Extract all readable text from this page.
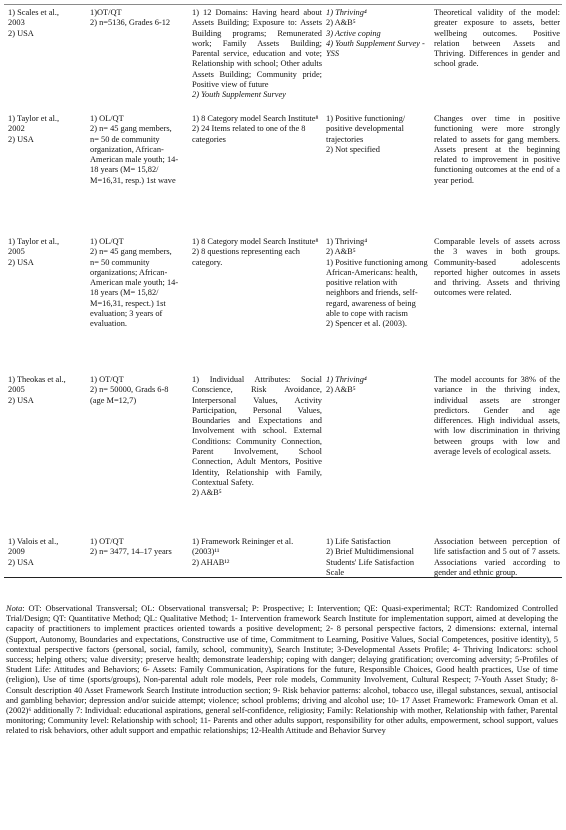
1) Scales et al., 2003
2) USA
1)OT/QT
2) n=5136, Grades 6-12
1) 12 Domains: Having heard about Assets Building; Exposure to: Assets Building programs; Remunerated work; Family Assets Building; Parental service, education and vote; Relationship with school; Other adults Assets Building; Community pride; Positive view of future
2) Youth Supplement Survey
1) Thriving⁴
2) A&B⁵
3) Active coping
4) Youth Supplement Survey -YSS
Theoretical validity of the model: greater exposure to assets, better wellbeing outcomes. Positive relation between Assets and Thriving. Differences in gender and school grade.
1) Taylor et al., 2002
2) USA
1) OL/QT
2) n= 45 gang members, n= 50 de community organization, African-American male youth; 14-18 years (M= 15,82/ M=16,31, resp.) 1st wave
1) 8 Category model Search Institute⁸
2) 24 Items related to one of the 8 categories
1) Positive functioning/ positive developmental trajectories
2) Not specified
Changes over time in positive functioning were more strongly related to assets for gang members. Assets present at the beginning related to improvement in positive functioning outcomes at the end of a year period.
1) Taylor et al., 2005
2) USA
1) OL/QT
2) n= 45 gang members, n= 50 community organizations; African-American male youth; 14-18 years (M= 15,82/ M=16,31, respect.) 1st evaluation; 3 years of evaluation.
1) 8 Category model Search Institute⁸
2) 8 questions representing each category.
1) Thriving⁴
2) A&B⁵
1) Positive functioning among African-Americans: health, positive relation with neighbors and friends, self-regard, awareness of being able to cope with racism
2) Spencer et al. (2003).
Comparable levels of assets across the 3 waves in both groups. Community-based adolescents reported higher outcomes in assets and thriving. Assets and thriving outcomes were related.
1) Theokas et al., 2005
2) USA
1) OT/QT
2) n= 50000, Grads 6-8 (age M=12,7)
1) Individual Attributes: Social Conscience, Risk Avoidance, Interpersonal Values, Activity Participation, Personal Values, Boundaries and Expectations and Involvement with school. External Conditions: Community Connection, Parent Involvement, School Connection, Adult Mentors, Positive Identity, Relationship with Family, Contextual Safety.
2) A&B⁵
1) Thriving⁴
2) A&B⁵
The model accounts for 38% of the variance in the thriving index, individual assets are stronger predictors. Gender and age differences. High individual assets, with low discrimination in thriving between groups with low and average levels of ecological assets.
1) Valois et al., 2009
2) USA
1) OT/QT
2) n= 3477, 14–17 years
1) Framework Reininger et al. (2003)¹¹
2) AHAB¹²
1) Life Satisfaction
2) Brief Multidimensional Students' Life Satisfaction Scale
Association between perception of life satisfaction and 5 out of 7 assets. Associations varied according to gender and ethnic group.
Nota: OT: Observational Transversal; OL: Observational transversal; P: Prospective; I: Intervention; QE: Quasi-experimental; RCT: Randomized Controlled Trial/Design; QT: Quantitative Method; QL: Qualitative Method; 1- Intervention framework Search Institute for implementation support, aimed at developing the capacity of practitioners to implement practices oriented towards a positive development; 2- 8 personal perspective factors, 2 dimensions: external, internal (Support, Autonomy, Boundaries and expectations, Constructive use of time, Commitment to Learning, Positive Values, Social Competences, positive identity), 5 contextual perspective factors (personal, social, family, school, community), Search Institute; 3-Developmental Assets Profile; 4- Thriving Indicators: school success; helping others; value diversity; preserve health; demonstrate leadership; coping with danger; delaying gratification; overcoming adversity; 5-Profiles of Student Life: Attitudes and Behaviors; 6- Assets: Family Communication, Aspirations for the future, Responsible Choices, Good health practices, Use of time (religion), Use of time (sports/groups), Non-parental adult role models, Peer role models, Community Involvement, Cultural Respect; 7-Youth Asset Study; 8- Consult description 40 Asset Framework Search Institute introduction section; 9- Risk behavior patterns: alcohol, tobacco use, illegal substances, sexual, antisocial and gambling behavior; depression and/or suicide attempt; violence; school problems; driving and alcohol use; 10- 17 Asset Framework: Framework Oman et al. (2002)⁶ additionally 7: Individual: educational aspirations, general self-confidence, religiosity; Family: Relationship with mother, Relationship with father, Parental monitoring; Community level: Relationship with school; 11- Parents and other adults support, responsibility for other adults, empowerment, school support, values related to risk behaviors, other adult support and empathic relationships; 12-Health Attitude and Behavior Survey
